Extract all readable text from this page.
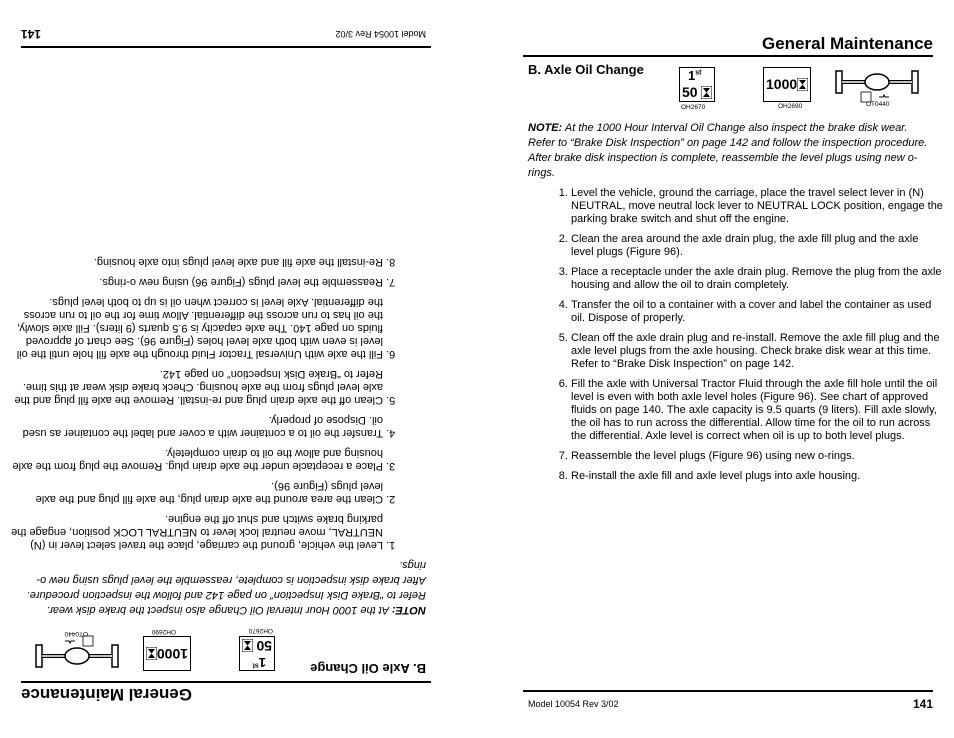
General Maintenance
B. Axle Oil Change
1st
50
OH2670
1000
OH2690
OT0440
NOTE: At the 1000 Hour Interval Oil Change also inspect the brake disk wear. Refer to “Brake Disk Inspection” on page 142 and follow the inspection procedure. After brake disk inspection is complete, reassemble the level plugs using new o-rings.
1. Level the vehicle, ground the carriage, place the travel select lever in (N) NEUTRAL, move neutral lock lever to NEUTRAL LOCK position, engage the parking brake switch and shut off the engine.
2. Clean the area around the axle drain plug, the axle fill plug and the axle level plugs (Figure 96).
3. Place a receptacle under the axle drain plug. Remove the plug from the axle housing and allow the oil to drain completely.
4. Transfer the oil to a container with a cover and label the container as used oil. Dispose of properly.
5. Clean off the axle drain plug and re-install. Remove the axle fill plug and the axle level plugs from the axle housing. Check brake disk wear at this time. Refer to “Brake Disk Inspection” on page 142.
6. Fill the axle with Universal Tractor Fluid through the axle fill hole until the oil level is even with both axle level holes (Figure 96). See chart of approved fluids on page 140. The axle capacity is 9.5 quarts (9 liters). Fill axle slowly, the oil has to run across the differential. Allow time for the oil to run across the differential. Axle level is correct when oil is up to both level plugs.
7. Reassemble the level plugs (Figure 96) using new o-rings.
8. Re-install the axle fill and axle level plugs into axle housing.
Model 10054 Rev 3/02
141	General Maintenance
B. Axle Oil Change	1st
50
OH2670
1000
OH2690	OT0440
NOTE: At the 1000 Hour Interval Oil Change also inspect the brake disk wear. Refer to “Brake Disk Inspection” on page 142 and follow the inspection procedure. After brake disk inspection is complete, reassemble the level plugs using new o-rings.
1. Level the vehicle, ground the carriage, place the travel select lever in (N) NEUTRAL, move neutral lock lever to NEUTRAL LOCK position, engage the parking brake switch and shut off the engine.
2. Clean the area around the axle drain plug, the axle fill plug and the axle level plugs (Figure 96).
3. Place a receptacle under the axle drain plug. Remove the plug from the axle housing and allow the oil to drain completely.
4. Transfer the oil to a container with a cover and label the container as used oil. Dispose of properly.
5. Clean off the axle drain plug and re-install. Remove the axle fill plug and the axle level plugs from the axle housing. Check brake disk wear at this time. Refer to “Brake Disk Inspection” on page 142.
6. Fill the axle with Universal Tractor Fluid through the axle fill hole until the oil level is even with both axle level holes (Figure 96). See chart of approved fluids on page 140. The axle capacity is 9.5 quarts (9 liters). Fill axle slowly, the oil has to run across the differential. Allow time for the oil to run across the differential. Axle level is correct when oil is up to both level plugs.
7. Reassemble the level plugs (Figure 96) using new o-rings.
8. Re-install the axle fill and axle level plugs into axle housing.
Model 10054 Rev 3/02	141
